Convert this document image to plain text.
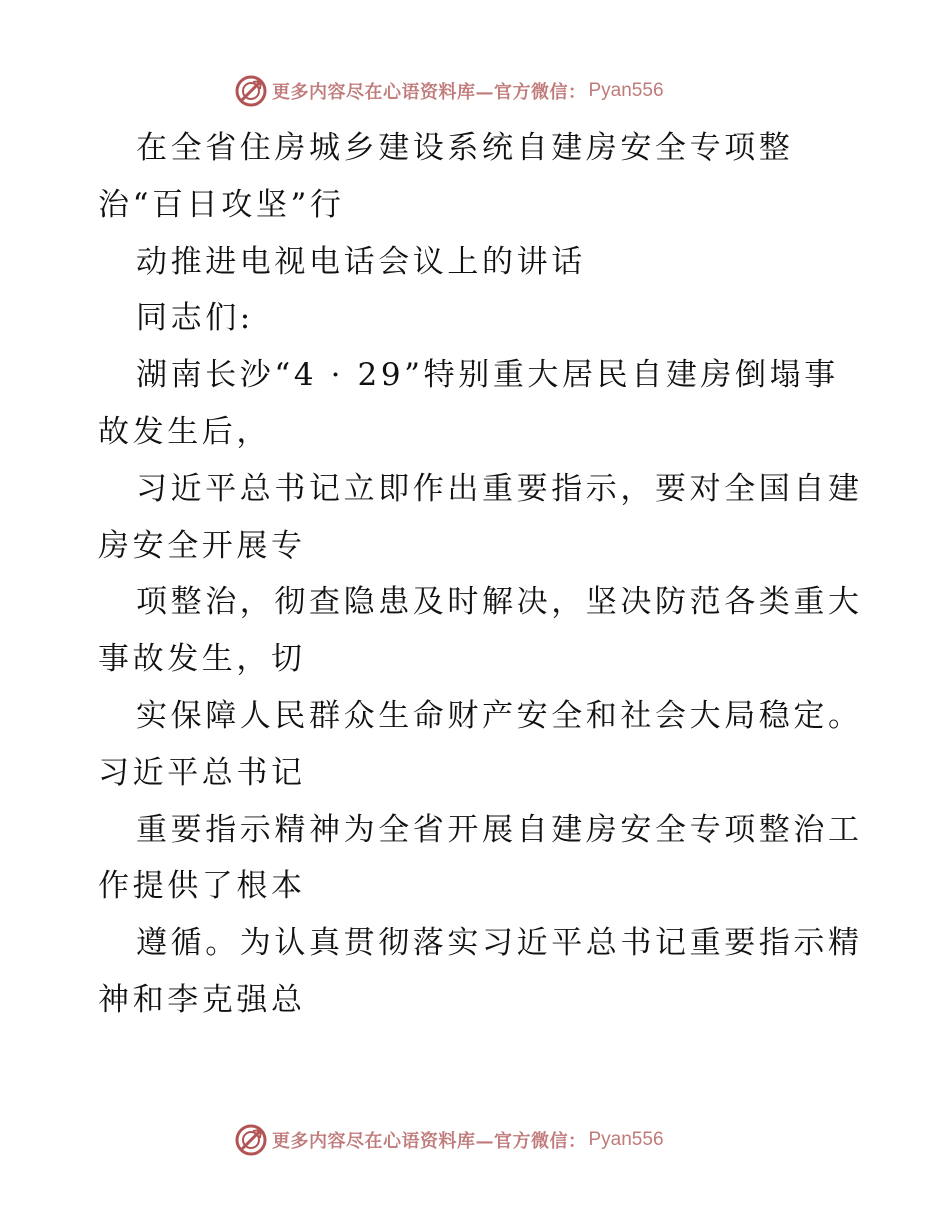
更多内容尽在心语资料库—官方微信： Pyan556
在全省住房城乡建设系统自建房安全专项整
治“百日攻坚”行
动推进电视电话会议上的讲话
同志们:
湖南长沙“4 · 29”特别重大居民自建房倒塌事
故发生后，
习近平总书记立即作出重要指示，要对全国自建
房安全开展专
项整治，彻查隐患及时解决，坚决防范各类重大
事故发生，切
实保障人民群众生命财产安全和社会大局稳定。
习近平总书记
重要指示精神为全省开展自建房安全专项整治工
作提供了根本
遵循。为认真贯彻落实习近平总书记重要指示精
神和李克强总
更多内容尽在心语资料库—官方微信： Pyan556
